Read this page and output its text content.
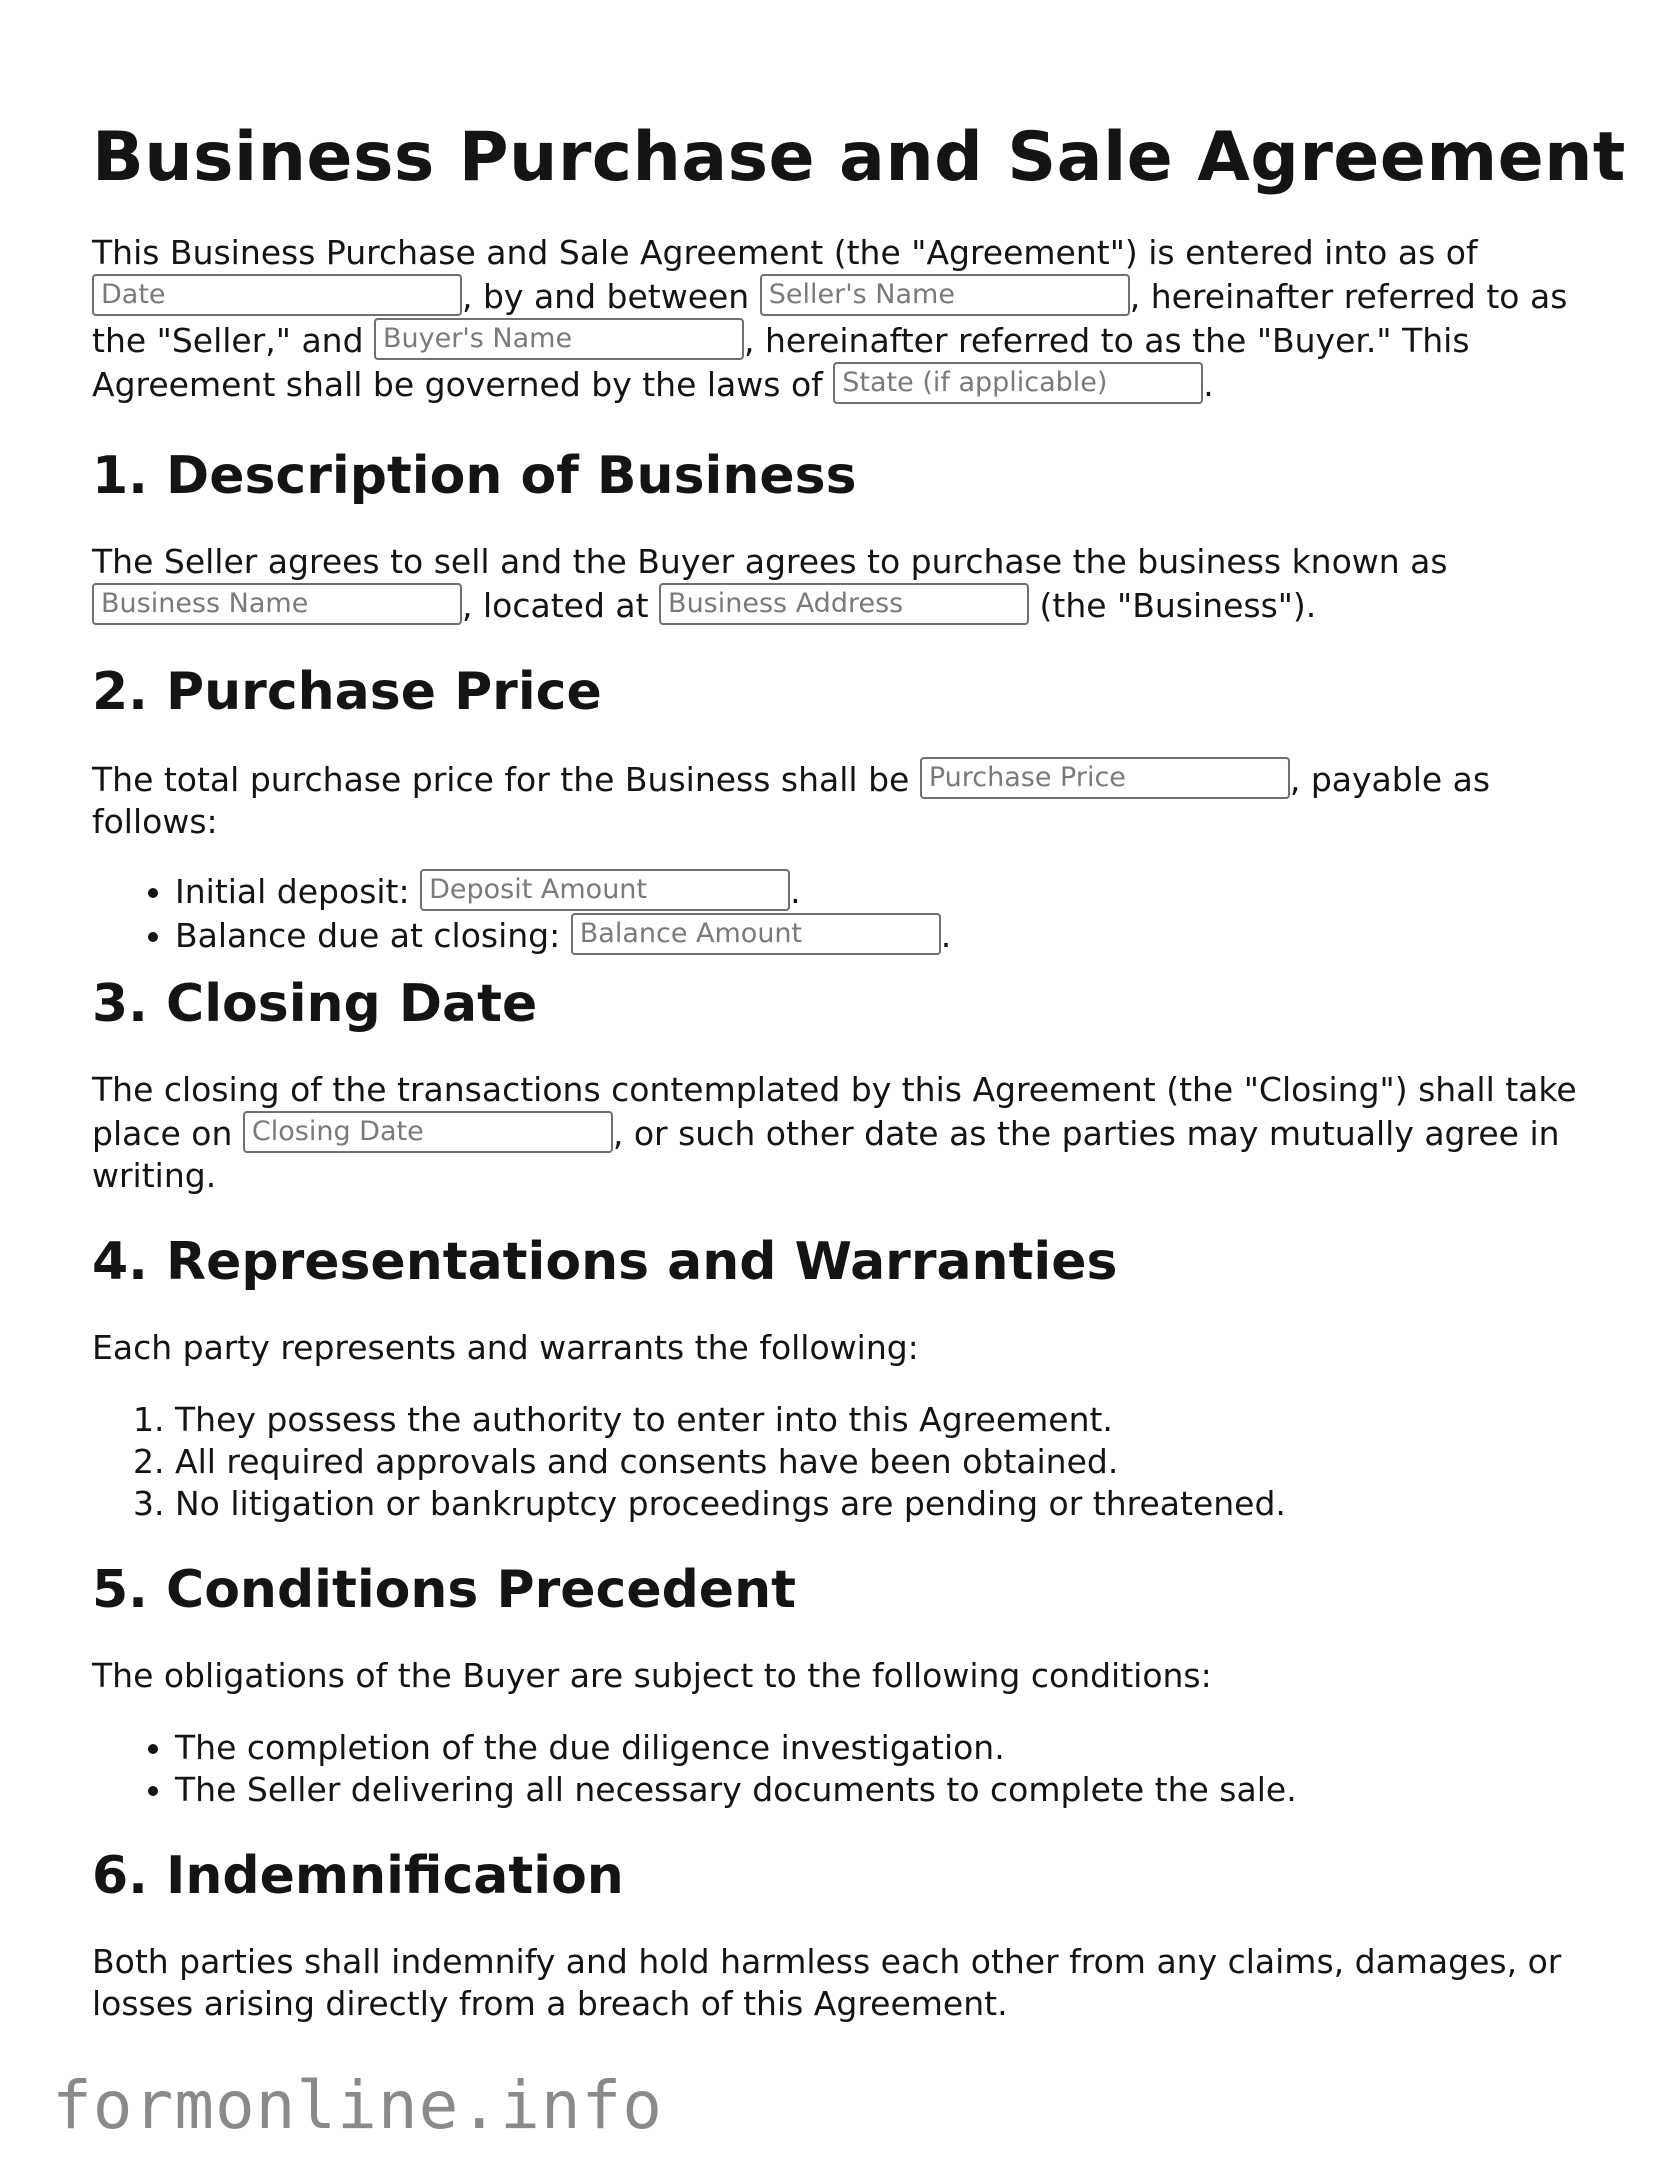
Business Purchase and Sale Agreement

This Business Purchase and Sale Agreement (the "Agreement") is entered into as of
Date	, by and between Seller's Name	, hereinafter referred to as the "Seller," and Buyer's Name	, hereinafter referred to as the "Buyer." This Agreement shall be governed by the laws of State (if applicable)	.

1. Description of Business

The Seller agrees to sell and the Buyer agrees to purchase the business known as
Business Name	, located at Business Address	(the "Business").

2. Purchase Price

The total purchase price for the Business shall be Purchase Price	, payable as follows:

• Initial deposit: Deposit Amount	.
• Balance due at closing: Balance Amount	.
3. Closing Date

The closing of the transactions contemplated by this Agreement (the "Closing") shall take place on Closing Date	, or such other date as the parties may mutually agree in writing.

4. Representations and Warranties

Each party represents and warrants the following:

1. They possess the authority to enter into this Agreement.
2. All required approvals and consents have been obtained.
3. No litigation or bankruptcy proceedings are pending or threatened.
5. Conditions Precedent

The obligations of the Buyer are subject to the following conditions:

• The completion of the due diligence investigation.
• The Seller delivering all necessary documents to complete the sale.
6. Indemnification

Both parties shall indemnify and hold harmless each other from any claims, damages, or losses arising directly from a breach of this Agreement.

formonline.info
